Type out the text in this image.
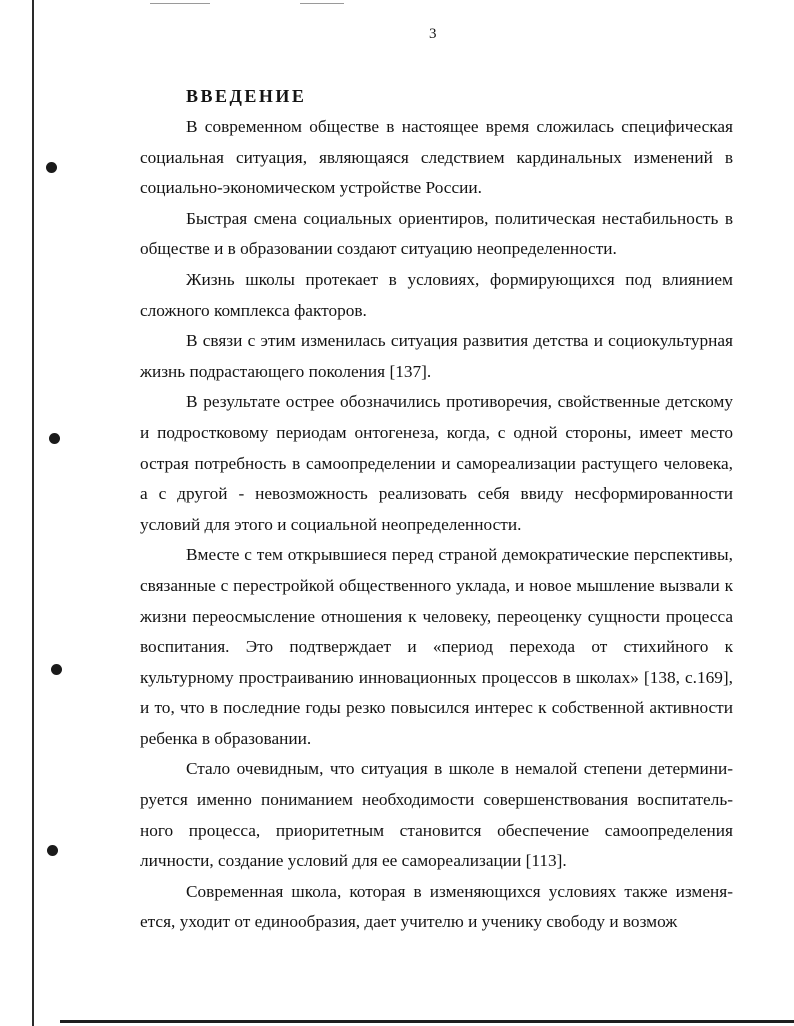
3
ВВЕДЕНИЕ

В современном обществе в настоящее время сложилась специфическая социальная ситуация, являющаяся следствием кардинальных изменений в социально-экономическом устройстве России.

Быстрая смена социальных ориентиров, политическая нестабильность в обществе и в образовании создают ситуацию неопределенности.

Жизнь школы протекает в условиях, формирующихся под влиянием сложного комплекса факторов.

В связи с этим изменилась ситуация развития детства и социокультурная жизнь подрастающего поколения [137].

В результате острее обозначились противоречия, свойственные детскому и подростковому периодам онтогенеза, когда, с одной стороны, имеет место острая потребность в самоопределении и самореализации растущего человека, а с другой - невозможность реализовать себя ввиду несформированности условий для этого и социальной неопределенности.

Вместе с тем открывшиеся перед страной демократические перспективы, связанные с перестройкой общественного уклада, и новое мышление вызвали к жизни переосмысление отношения к человеку, переоценку сущности процесса воспитания. Это подтверждает и «период перехода от стихийного к культурному простраиванию инновационных процессов в школах» [138, с.169], и то, что в последние годы резко повысился интерес к собственной активности ребенка в образовании.

Стало очевидным, что ситуация в школе в немалой степени детерминируется именно пониманием необходимости совершенствования воспитательного процесса, приоритетным становится обеспечение самоопределения личности, создание условий для ее самореализации [113].

Современная школа, которая в изменяющихся условиях также изменяется, уходит от единообразия, дает учителю и ученику свободу и возмож
